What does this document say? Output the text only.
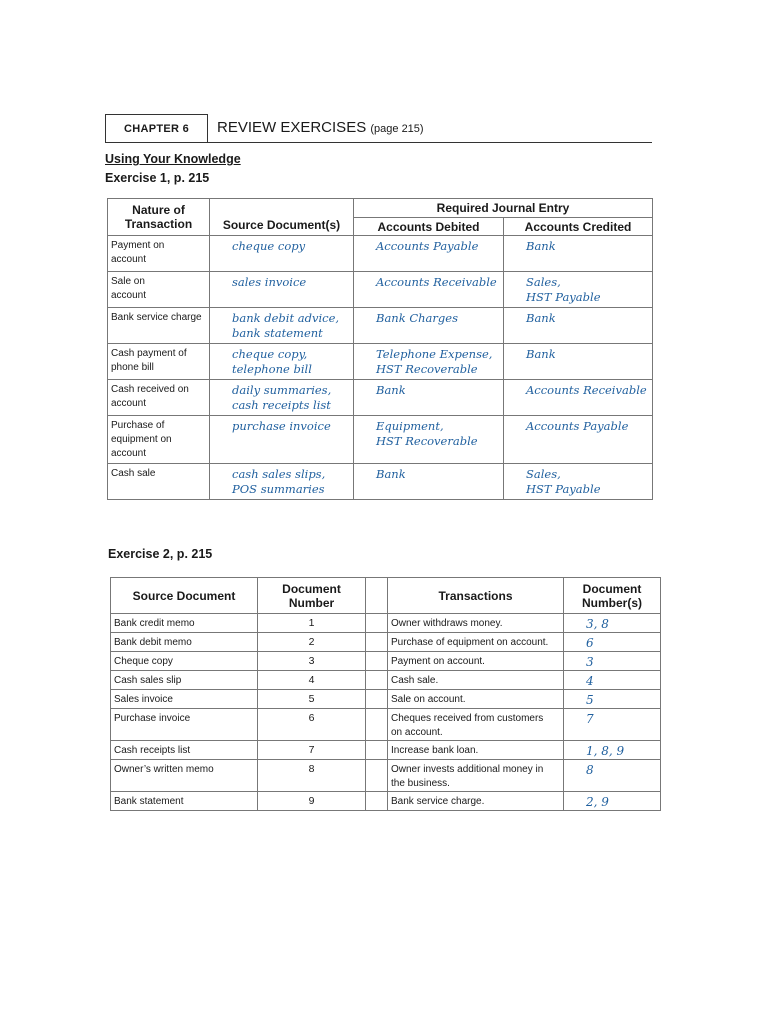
CHAPTER 6	REVIEW EXERCISES (page 215)
Using Your Knowledge
Exercise 1, p. 215
Nature of
Transaction	Source Document(s)	Required Journal Entry	
		Accounts Debited	Accounts Credited

Payment on
account	cheque copy	Accounts Payable	Bank

Sale on
account	sales invoice	Accounts Receivable	Sales,
HST Payable

Bank service charge	bank debit advice,
bank statement	Bank Charges	Bank

Cash payment of
phone bill	cheque copy,
telephone bill	Telephone Expense,
HST Recoverable	Bank

Cash received on
account	daily summaries,
cash receipts list	Bank	Accounts Receivable

Purchase of
equipment on
account	purchase invoice	Equipment,
HST Recoverable	Accounts Payable

Cash sale	cash sales slips,
POS summaries	Bank	Sales,
HST Payable
Exercise 2, p. 215
Source Document	Document
Number		Transactions	Document
Number(s)

Bank credit memo	1		Owner withdraws money.	3, 8

Bank debit memo	2		Purchase of equipment on account.	6

Cheque copy	3		Payment on account.	3

Cash sales slip	4		Cash sale.	4

Sales invoice	5		Sale on account.	5

Purchase invoice	6		Cheques received from customers
on account.	7

Cash receipts list	7		Increase bank loan.	1, 8, 9

Owner’s written memo	8		Owner invests additional money in
the business.	8

Bank statement	9		Bank service charge.	2, 9
